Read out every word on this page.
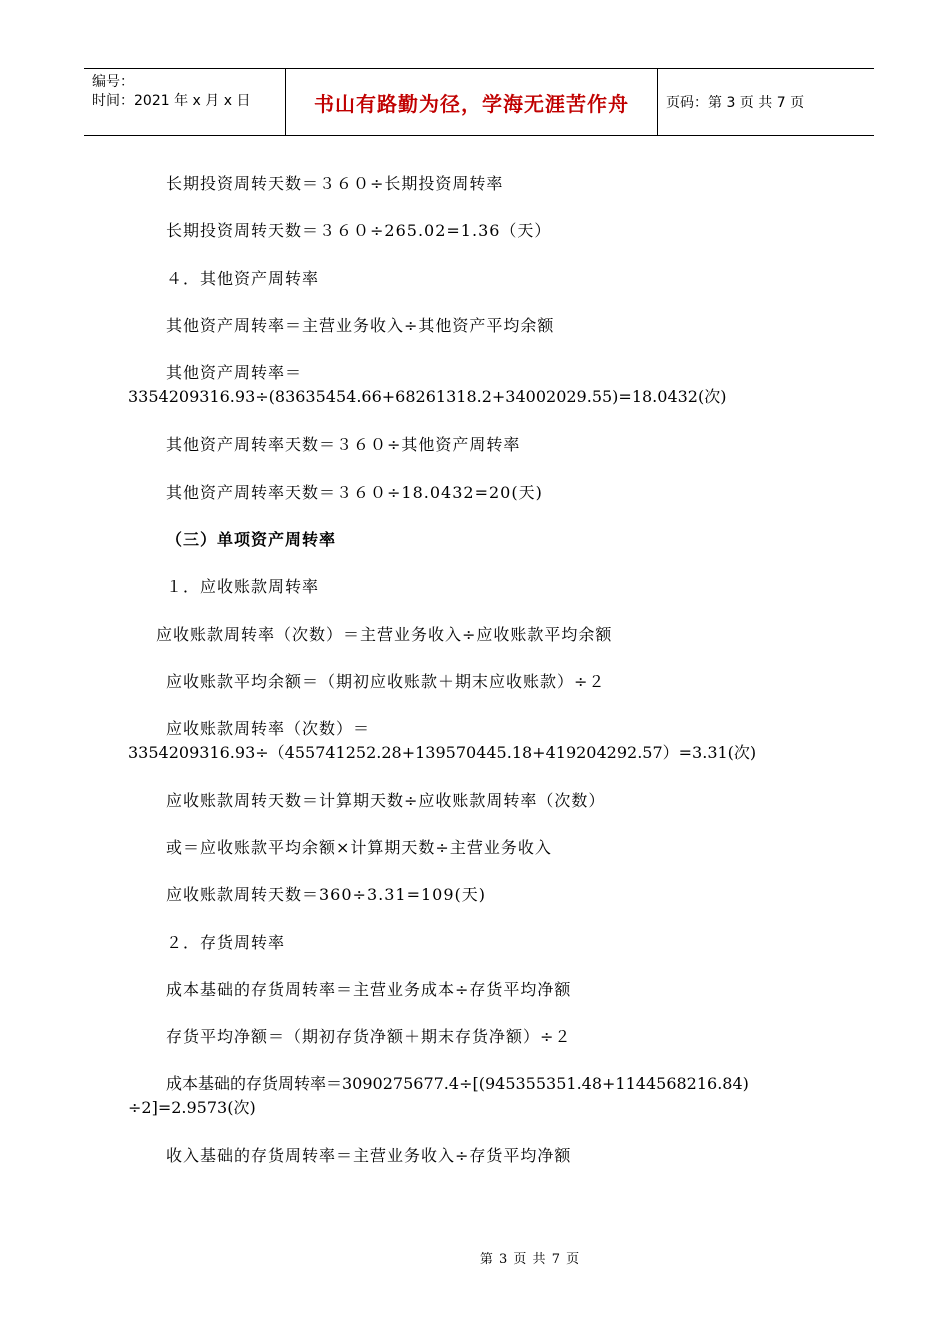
编号：
时间：2021 年 x 月 x 日	书山有路勤为径，学海无涯苦作舟	页码：第 3 页 共 7 页
长期投资周转天数＝３６０÷长期投资周转率
长期投资周转天数＝３６０÷265.02=1.36（天）
４．其他资产周转率
其他资产周转率＝主营业务收入÷其他资产平均余额
其他资产周转率＝
3354209316.93÷(83635454.66+68261318.2+34002029.55)=18.0432(次)
其他资产周转率天数＝３６０÷其他资产周转率
其他资产周转率天数＝３６０÷18.0432=20(天)
（三）单项资产周转率
１．应收账款周转率
应收账款周转率（次数）＝主营业务收入÷应收账款平均余额
应收账款平均余额＝（期初应收账款＋期末应收账款）÷２
应收账款周转率（次数）＝
3354209316.93÷（455741252.28+139570445.18+419204292.57）=3.31(次)
应收账款周转天数＝计算期天数÷应收账款周转率（次数）
或＝应收账款平均余额×计算期天数÷主营业务收入
应收账款周转天数＝360÷3.31=109(天)
２．存货周转率
成本基础的存货周转率＝主营业务成本÷存货平均净额
存货平均净额＝（期初存货净额＋期末存货净额）÷２
成本基础的存货周转率＝3090275677.4÷[(945355351.48+1144568216.84)
÷2]=2.9573(次)
收入基础的存货周转率＝主营业务收入÷存货平均净额
第 3 页 共 7 页
